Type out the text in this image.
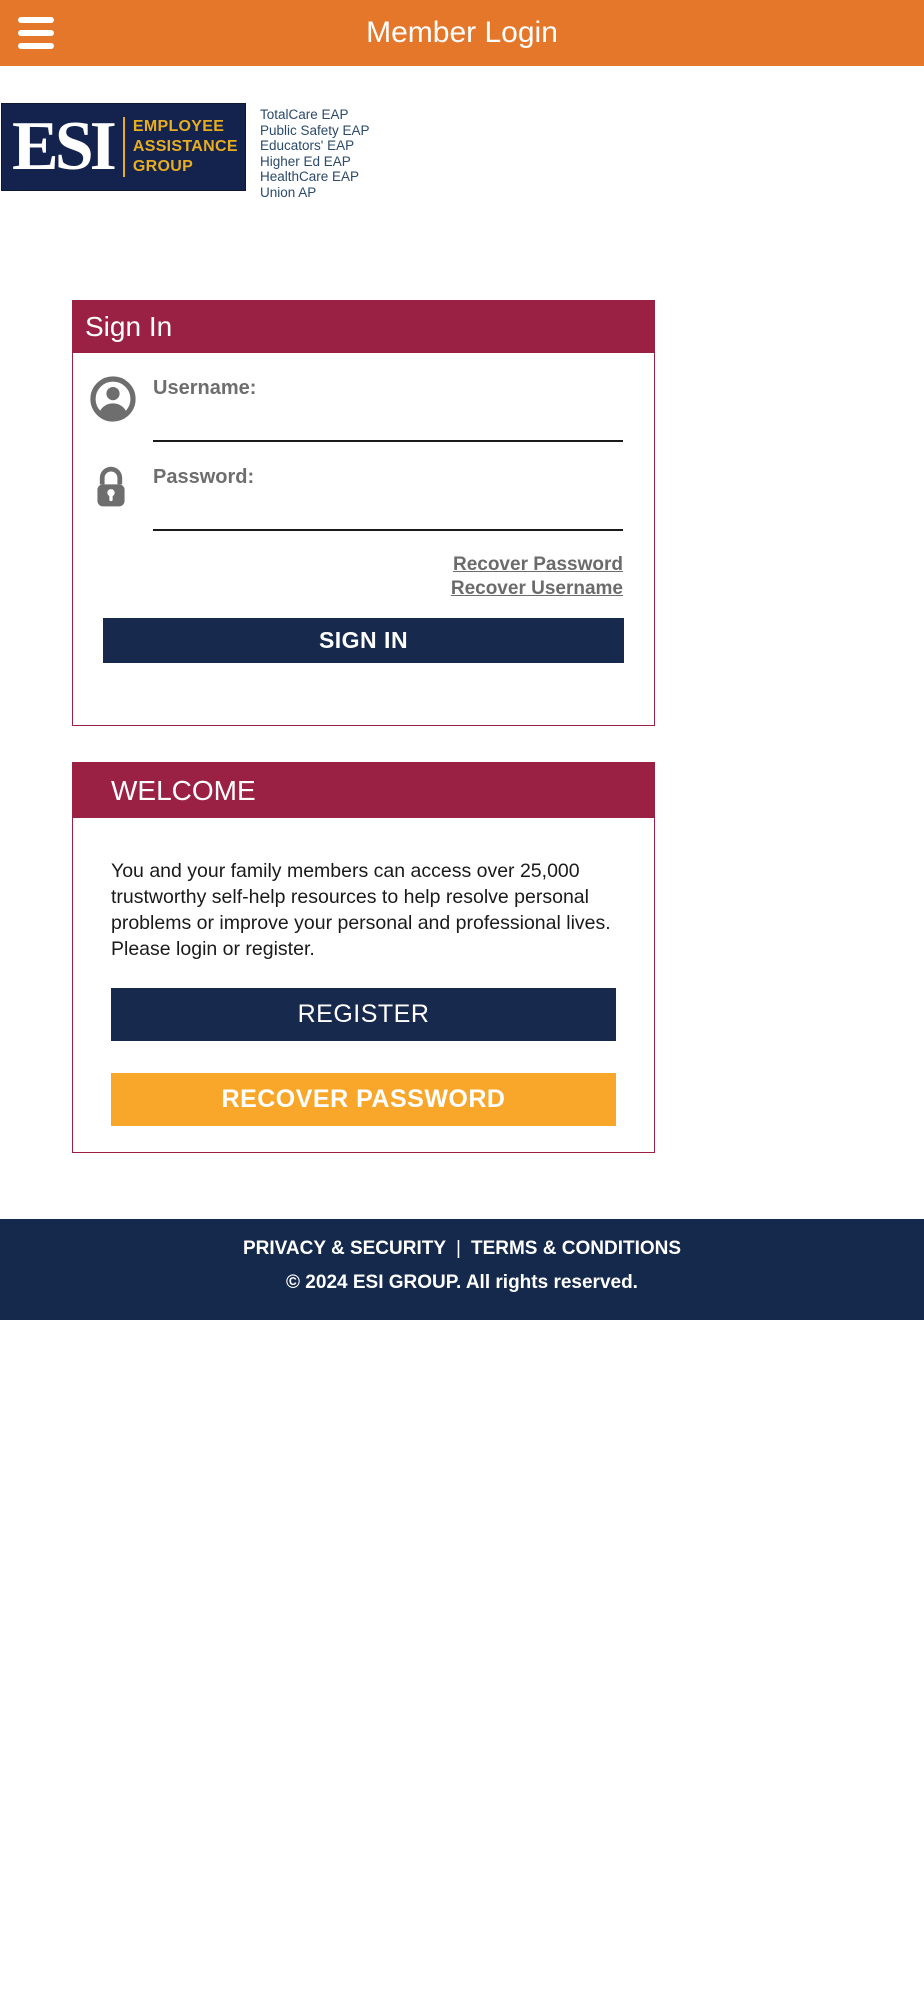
Member Login
ESI EMPLOYEE
ASSISTANCE
GROUP
TotalCare EAP
Public Safety EAP
Educators' EAP
Higher Ed EAP
HealthCare EAP
Union AP
Sign In
Username:
Password:
Recover Password
Recover Username
SIGN IN
WELCOME
You and your family members can access over 25,000 trustworthy self-help resources to help resolve personal problems or improve your personal and professional lives. Please login or register.
REGISTER
RECOVER PASSWORD
PRIVACY & SECURITY | TERMS & CONDITIONS
© 2024 ESI GROUP. All rights reserved.
